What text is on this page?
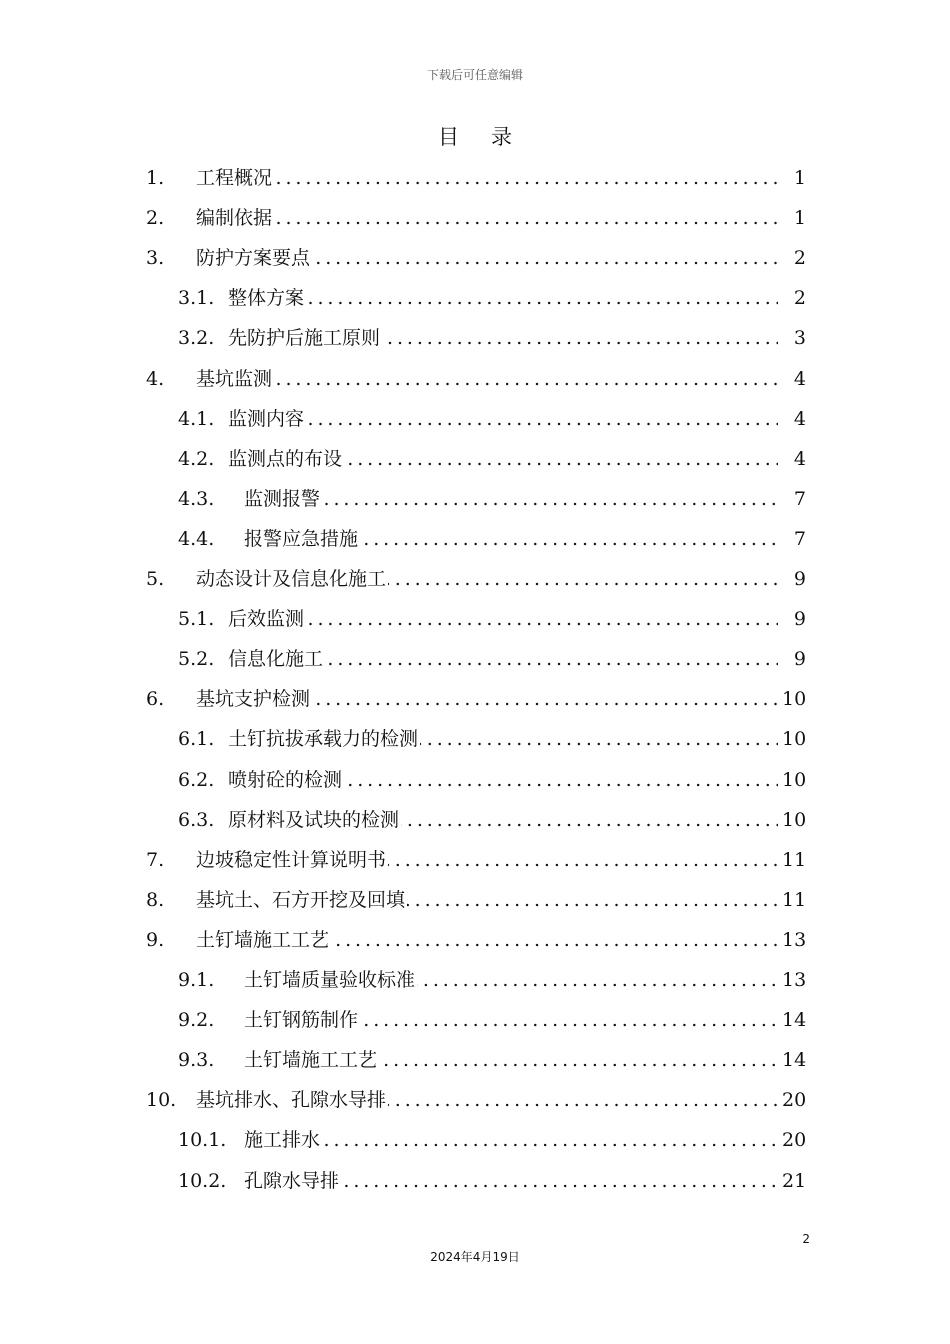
下载后可任意编辑
目 录
1. 工程概况 .....	1
2. 编制依据 .....	1
3. 防护方案要点 .....	2
3.1. 整体方案 .....	2
3.2. 先防护后施工原则 .....	3
4. 基坑监测 .....	4
4.1. 监测内容 .....	4
4.2. 监测点的布设 .....	4
4.3. 监测报警 .....	7
4.4. 报警应急措施 .....	7
5. 动态设计及信息化施工 .....	9
5.1. 后效监测 .....	9
5.2. 信息化施工 .....	9
6. 基坑支护检测 .....	10
6.1. 土钉抗拔承载力的检测 .....	10
6.2. 喷射砼的检测 .....	10
6.3. 原材料及试块的检测 .....	10
7. 边坡稳定性计算说明书 .....	11
8. 基坑土、石方开挖及回填 .....	11
9. 土钉墙施工工艺 .....	13
9.1. 土钉墙质量验收标准 .....	13
9.2. 土钉钢筋制作 .....	14
9.3. 土钉墙施工工艺 .....	14
10. 基坑排水、孔隙水导排 .....	20
10.1. 施工排水 .....	20
10.2. 孔隙水导排 .....	21
2
2024年4月19日
